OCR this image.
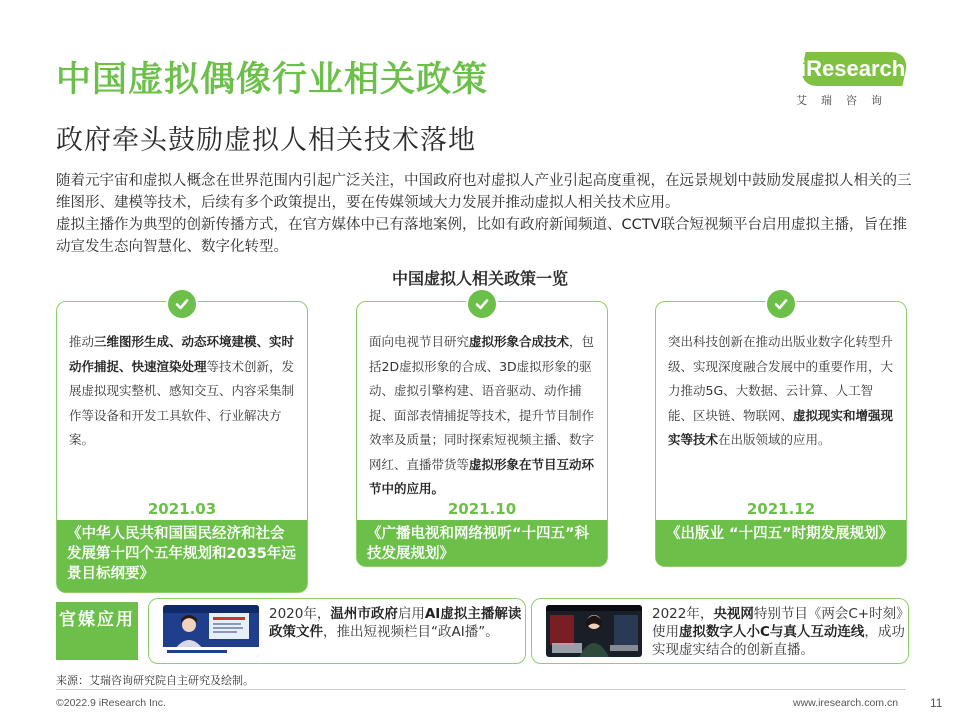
中国虚拟偶像行业相关政策
政府牵头鼓励虚拟人相关技术落地
iResearch
艾瑞咨询

随着元宇宙和虚拟人概念在世界范围内引起广泛关注，中国政府也对虚拟人产业引起高度重视，在远景规划中鼓励发展虚拟人相关的三维图形、建模等技术，后续有多个政策提出，要在传媒领域大力发展并推动虚拟人相关技术应用。

虚拟主播作为典型的创新传播方式，在官方媒体中已有落地案例，比如有政府新闻频道、CCTV联合短视频平台启用虚拟主播，旨在推动宣发生态向智慧化、数字化转型。

中国虚拟人相关政策一览
推动三维图形生成、动态环境建模、实时动作捕捉、快速渲染处理等技术创新，发展虚拟现实整机、感知交互、内容采集制作等设备和开发工具软件、行业解决方案。
2021.03
《中华人民共和国国民经济和社会发展第十四个五年规划和2035年远景目标纲要》
面向电视节目研究虚拟形象合成技术，包括2D虚拟形象的合成、3D虚拟形象的驱动、虚拟引擎构建、语音驱动、动作捕捉、面部表情捕捉等技术，提升节目制作效率及质量；同时探索短视频主播、数字网红、直播带货等虚拟形象在节目互动环节中的应用。
2021.10
《广播电视和网络视听“十四五”科技发展规划》
突出科技创新在推动出版业数字化转型升级、实现深度融合发展中的重要作用，大力推动5G、大数据、云计算、人工智能、区块链、物联网、虚拟现实和增强现实等技术在出版领域的应用。
2021.12
《出版业 “十四五”时期发展规划》
官媒应用	2020年，温州市政府启用AI虚拟主播解读政策文件，推出短视频栏目“政AI播”。
2022年，央视网特别节目《两会C+时刻》使用虚拟数字人小C与真人互动连线，成功实现虚实结合的创新直播。
来源：艾瑞咨询研究院自主研究及绘制。
©2022.9 iResearch Inc.	www.iresearch.com.cn	11
